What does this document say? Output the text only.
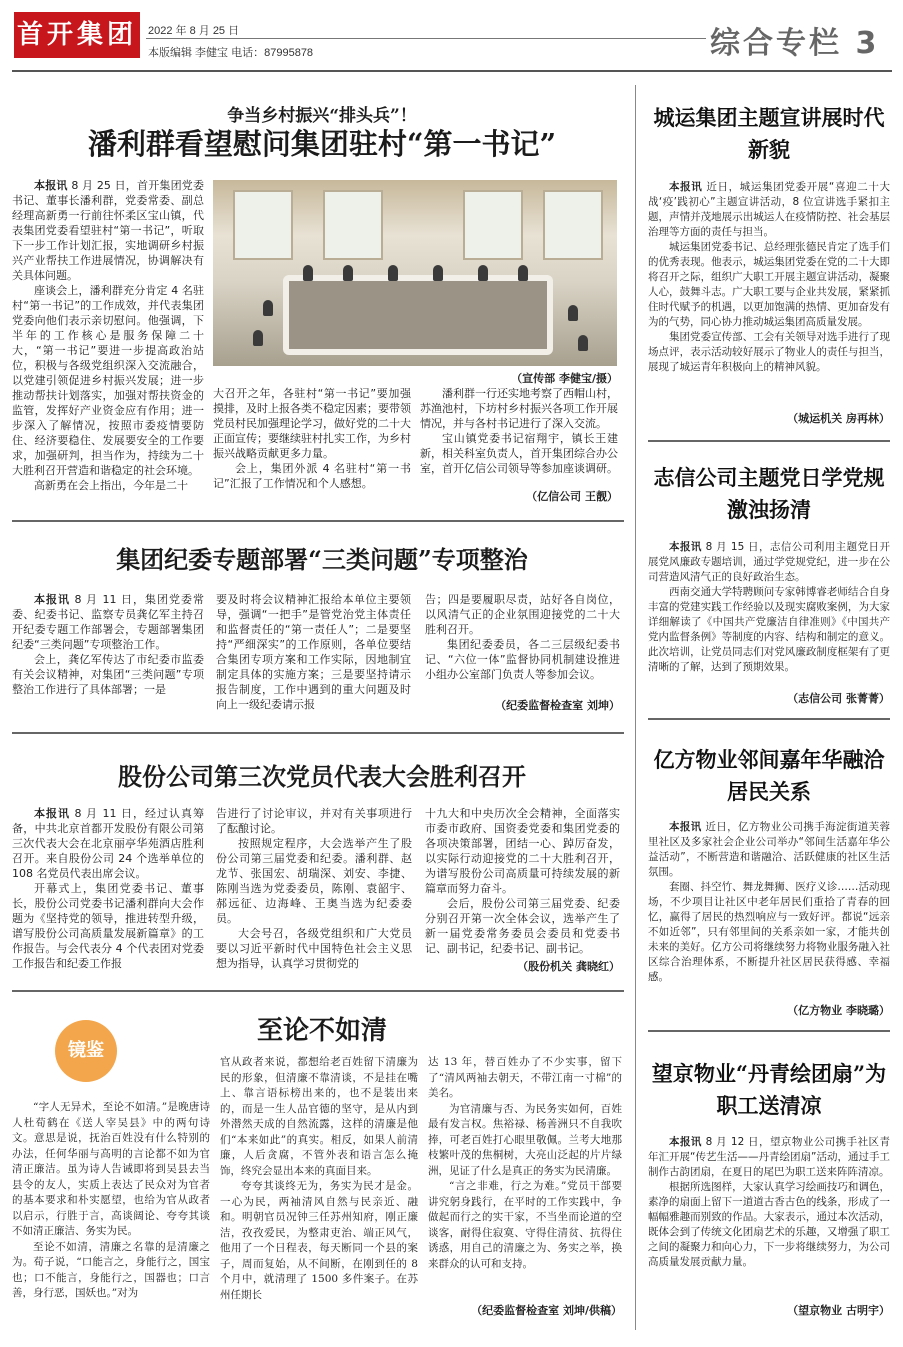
首开集团 2022 年 8 月 25 日
本版编辑 李健宝 电话：87995878	综合专栏 3
争当乡村振兴“排头兵”！
潘利群看望慰问集团驻村“第一书记”

本报讯 8 月 25 日，首开集团党委书记、董事长潘利群，党委常委、副总经理高新勇一行前往怀柔区宝山镇，代表集团党委看望驻村“第一书记”，听取下一步工作计划汇报，实地调研乡村振兴产业帮扶工作进展情况，协调解决有关具体问题。

座谈会上，潘利群充分肯定 4 名驻村“第一书记”的工作成效，并代表集团党委向他们表示亲切慰问。他强调，下半年的工作核心是服务保障二十大，“第一书记”要进一步提高政治站位，积极与各级党组织深入交流融合，以党建引领促进乡村振兴发展；进一步推动帮扶计划落实，加强对帮扶资金的监管，发挥好产业资金应有作用；进一步深入了解情况，按照市委疫情要防住、经济要稳住、发展要安全的工作要求，加强研判，担当作为，持续为二十大胜利召开营造和谐稳定的社会环境。

高新勇在会上指出，今年是二十

（宣传部 李健宝/摄）

大召开之年，各驻村“第一书记”要加强摸排，及时上报各类不稳定因素；要带领党员村民加强理论学习，做好党的二十大正面宣传；要继续驻村扎实工作，为乡村振兴战略贡献更多力量。

会上，集团外派 4 名驻村“第一书记”汇报了工作情况和个人感想。

潘利群一行还实地考察了西帽山村，苏渔池村，下坊村乡村振兴各项工作开展情况，并与各村书记进行了深入交流。

宝山镇党委书记宿翔宇，镇长王建新，相关科室负责人，首开集团综合办公室，首开亿信公司领导等参加座谈调研。

（亿信公司 王靓）
集团纪委专题部署“三类问题”专项整治

本报讯 8 月 11 日，集团党委常委、纪委书记、监察专员龚亿军主持召开纪委专题工作部署会，专题部署集团纪委“三类问题”专项整治工作。

会上，龚亿军传达了市纪委市监委有关会议精神，对集团“三类问题”专项整治工作进行了具体部署；一是

要及时将会议精神汇报给本单位主要领导，强调“一把手”是管党治党主体责任和监督责任的“第一责任人”；二是要坚持“严细深实”的工作原则，各单位要结合集团专项方案和工作实际，因地制宜制定具体的实施方案；三是要坚持请示报告制度，工作中遇到的重大问题及时向上一级纪委请示报

告；四是要履职尽责，站好各自岗位，以风清气正的企业氛围迎接党的二十大胜利召开。

集团纪委委员，各二三层级纪委书记、“六位一体”监督协同机制建设推进小组办公室部门负责人等参加会议。

（纪委监督检查室 刘坤）
股份公司第三次党员代表大会胜利召开

本报讯 8 月 11 日，经过认真筹备，中共北京首都开发股份有限公司第三次代表大会在北京丽亭华苑酒店胜利召开。来自股份公司 24 个选举单位的 108 名党员代表出席会议。

开幕式上，集团党委书记、董事长，股份公司党委书记潘利群向大会作题为《坚持党的领导，推进转型升级，谱写股份公司高质量发展新篇章》的工作报告。与会代表分 4 个代表团对党委工作报告和纪委工作报

告进行了讨论审议，并对有关事项进行了酝酿讨论。

按照规定程序，大会选举产生了股份公司第三届党委和纪委。潘利群、赵龙节、张国宏、胡瑞深、刘安、李捷、陈刚当选为党委委员，陈刚、袁韶宇、郝远征、边海峰、王奥当选为纪委委员。

大会号召，各级党组织和广大党员要以习近平新时代中国特色社会主义思想为指导，认真学习贯彻党的

十九大和中央历次全会精神，全面落实市委市政府、国资委党委和集团党委的各项决策部署，团结一心、踔厉奋发，以实际行动迎接党的二十大胜利召开，为谱写股份公司高质量可持续发展的新篇章而努力奋斗。

会后，股份公司第三届党委、纪委分别召开第一次全体会议，选举产生了新一届党委常务委员会委员和党委书记、副书记，纪委书记、副书记。

（股份机关 龚晓红）
镜鉴
至论不如清

“字人无异术，至论不如清。”是晚唐诗人杜荀鹤在《送人宰吴县》中的两句诗文。意思是说，抚治百姓没有什么特别的办法，任何华丽与高明的言论都不如为官清正廉洁。虽为诗人告诫即将到吴县去当县令的友人，实质上表达了民众对为官者的基本要求和朴实愿望，也给为官从政者以启示，行胜于言，高谈阔论、夸夸其谈不如清正廉洁、务实为民。

至论不如清，清廉之名靠的是清廉之为。荀子说，“口能言之，身能行之，国宝也；口不能言，身能行之，国器也；口言善，身行恶，国妖也。”对为

官从政者来说，都想给老百姓留下清廉为民的形象，但清廉不靠清谈，不是挂在嘴上、靠言语标榜出来的，也不是装出来的，而是一生人品官德的坚守，是从内到外潜然天成的自然流露，这样的清廉是他们“本来如此”的真实。相反，如果人前清廉，人后贪腐，不管外表和语言怎么掩饰，终究会显出本来的真面目来。

夸夸其谈终无为，务实为民才是金。一心为民，两袖清风自然与民亲近、融和。明朝官员况钟三任苏州知府，刚正廉洁，孜孜爱民，为整肃吏治、端正风气，他用了一个日程表，每天断同一个县的案子，周而复始，从不间断，在刚到任的 8 个月中，就清理了 1500 多件案子。在苏州任期长

达 13 年，替百姓办了不少实事，留下了“清风两袖去朝天，不带江南一寸棉”的美名。

为官清廉与否、为民务实如何，百姓最有发言权。焦裕禄、杨善洲只不自我吹捧，可老百姓打心眼里敬佩。兰考大地那枝繁叶茂的焦桐树，大亮山泛起的片片绿洲，见证了什么是真正的务实为民清廉。

“言之非难，行之为难。”党员干部要讲究躬身践行，在平时的工作实践中，争做起而行之的实干家，不当坐而论道的空谈客，耐得住寂寞、守得住清贫、抗得住诱惑，用自己的清廉之为、务实之举，换来群众的认可和支持。

（纪委监督检查室 刘坤/供稿）
城运集团主题宣讲展时代新貌

本报讯 近日，城运集团党委开展“喜迎二十大 战‘疫’践初心”主题宣讲活动，8 位宣讲选手紧扣主题，声情并茂地展示出城运人在疫情防控、社会基层治理等方面的责任与担当。

城运集团党委书记、总经理张德民肯定了选手们的优秀表现。他表示，城运集团党委在党的二十大即将召开之际，组织广大职工开展主题宣讲活动，凝聚人心，鼓舞斗志。广大职工要与企业共发展，紧紧抓住时代赋予的机遇，以更加饱满的热情、更加奋发有为的气势，同心协力推动城运集团高质量发展。

集团党委宣传部、工会有关领导对选手进行了现场点评，表示活动较好展示了物业人的责任与担当，展现了城运青年积极向上的精神风貌。

（城运机关 房再林）
志信公司主题党日学党规激浊扬清

本报讯 8 月 15 日，志信公司利用主题党日开展党风廉政专题培训，通过学党规党纪，进一步在公司营造风清气正的良好政治生态。

西南交通大学特聘顾问专家韩博睿老师结合自身丰富的党建实践工作经验以及现实腐败案例，为大家详细解读了《中国共产党廉洁自律准则》《中国共产党内监督条例》等制度的内容、结构和制定的意义。此次培训，让党员同志们对党风廉政制度框架有了更清晰的了解，达到了预期效果。

（志信公司 张菁菁）
亿方物业邻间嘉年华融洽居民关系

本报讯 近日，亿方物业公司携手海淀街道芙蓉里社区及多家社会企业公司举办“邻间生活嘉年华公益活动”，不断营造和谐融洽、活跃健康的社区生活氛围。

套圈、抖空竹、舞龙舞狮、医疗义诊……活动现场，不少项目让社区中老年居民们重拾了青春的回忆，赢得了居民的热烈响应与一致好评。都说“远亲不如近邻”，只有邻里间的关系亲如一家，才能共创未来的美好。亿方公司将继续努力将物业服务融入社区综合治理体系，不断提升社区居民获得感、幸福感。

（亿方物业 李晓璐）
望京物业“丹青绘团扇”为职工送清凉

本报讯 8 月 12 日，望京物业公司携手社区青年汇开展“传艺生活——丹青绘团扇”活动，通过手工制作古韵团扇，在夏日的尾巴为职工送来阵阵清凉。

根据所选图样，大家认真学习绘画技巧和调色，素净的扇面上留下一道道古香古色的线条，形成了一幅幅雅趣而别致的作品。大家表示，通过本次活动，既体会到了传统文化团扇艺术的乐趣，又增强了职工之间的凝聚力和向心力，下一步将继续努力，为公司高质量发展贡献力量。

（望京物业 古明宇）
